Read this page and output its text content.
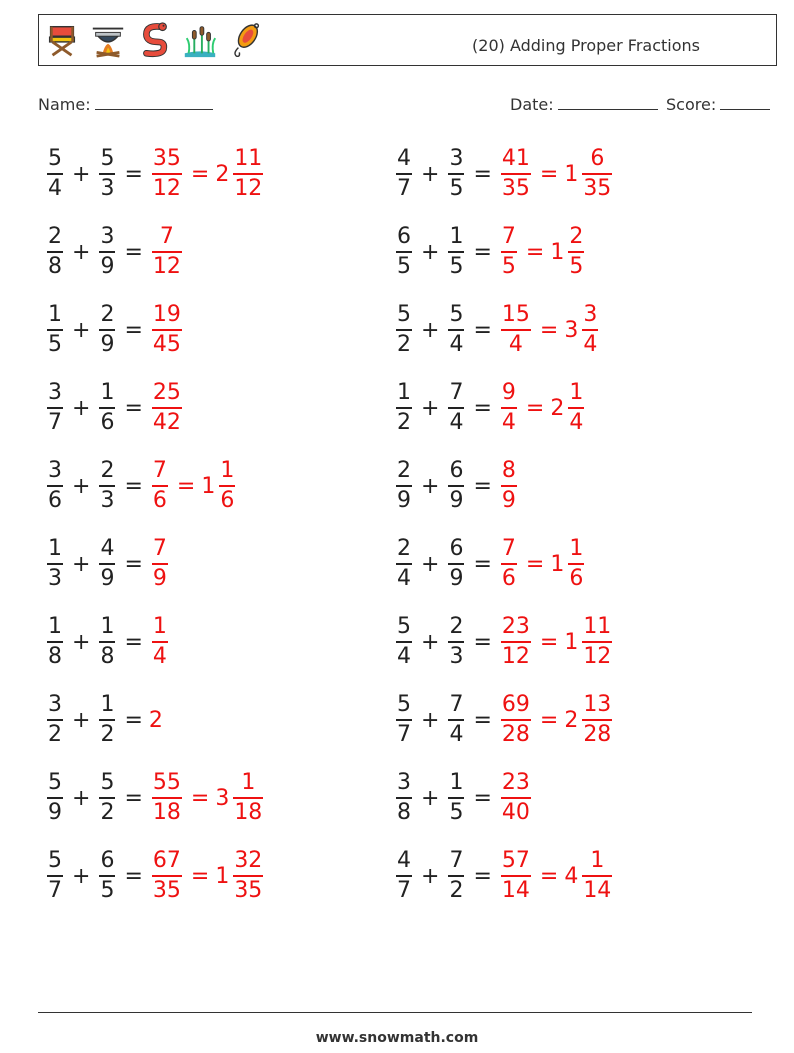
(20) Adding Proper Fractions
Name:	Date:	Score:
$\frac{5}{4} + \frac{5}{3} = \frac{35}{12} = 2 \frac{11}{12}$	$\frac{4}{7} + \frac{3}{5} = \frac{41}{35} = 1 \frac{6}{35}$
$\frac{2}{8} + \frac{3}{9} = \frac{7}{12}$	$\frac{6}{5} + \frac{1}{5} = \frac{7}{5} = 1 \frac{2}{5}$
$\frac{1}{5} + \frac{2}{9} = \frac{19}{45}$	$\frac{5}{2} + \frac{5}{4} = \frac{15}{4} = 3 \frac{3}{4}$
$\frac{3}{7} + \frac{1}{6} = \frac{25}{42}$	$\frac{1}{2} + \frac{7}{4} = \frac{9}{4} = 2 \frac{1}{4}$
$\frac{3}{6} + \frac{2}{3} = \frac{7}{6} = 1 \frac{1}{6}$	$\frac{2}{9} + \frac{6}{9} = \frac{8}{9}$
$\frac{1}{3} + \frac{4}{9} = \frac{7}{9}$	$\frac{2}{4} + \frac{6}{9} = \frac{7}{6} = 1 \frac{1}{6}$
$\frac{1}{8} + \frac{1}{8} = \frac{1}{4}$	$\frac{5}{4} + \frac{2}{3} = \frac{23}{12} = 1 \frac{11}{12}$
$\frac{3}{2} + \frac{1}{2} = 2$	$\frac{5}{7} + \frac{7}{4} = \frac{69}{28} = 2 \frac{13}{28}$
$\frac{5}{9} + \frac{5}{2} = \frac{55}{18} = 3 \frac{1}{18}$	$\frac{3}{8} + \frac{1}{5} = \frac{23}{40}$
$\frac{5}{7} + \frac{6}{5} = \frac{67}{35} = 1 \frac{32}{35}$	$\frac{4}{7} + \frac{7}{2} = \frac{57}{14} = 4 \frac{1}{14}$
www.snowmath.com
